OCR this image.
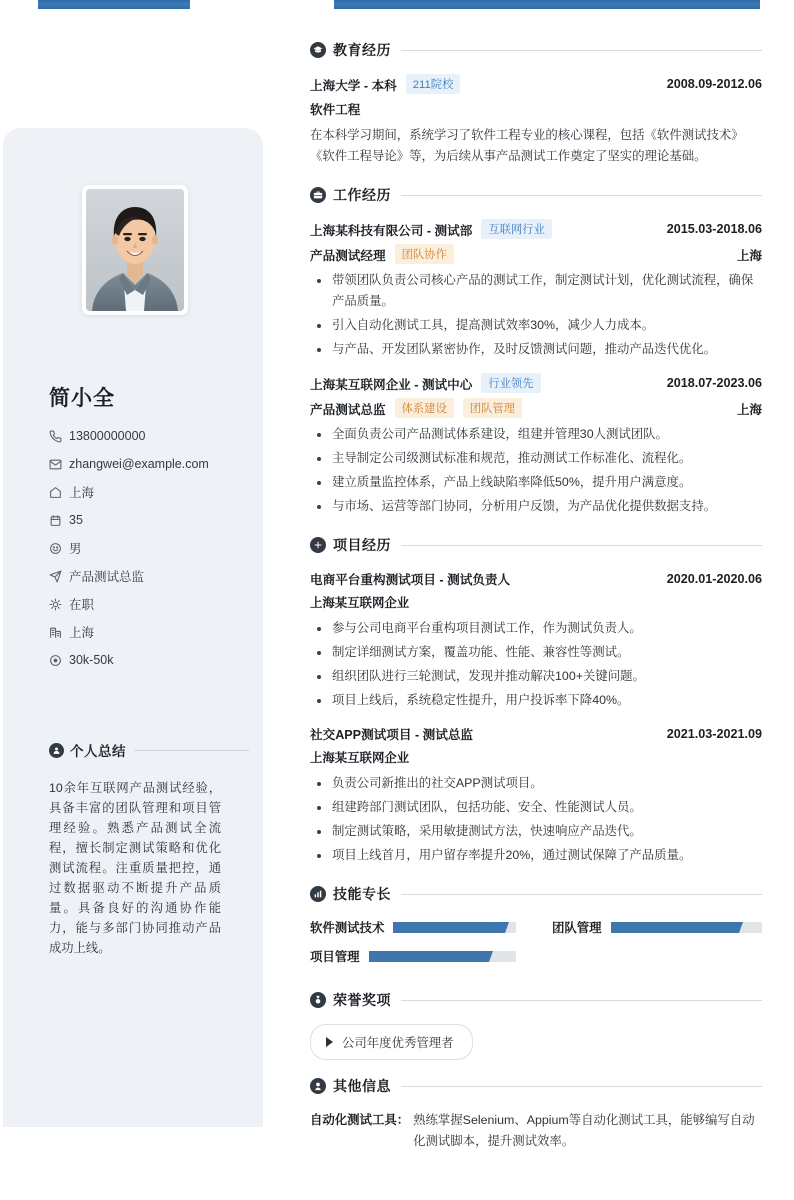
简小全
13800000000
zhangwei@example.com
上海
35
男
产品测试总监
在职
上海
30k-50k
个人总结
10余年互联网产品测试经验，具备丰富的团队管理和项目管理经验。熟悉产品测试全流程，擅长制定测试策略和优化测试流程。注重质量把控，通过数据驱动不断提升产品质量。具备良好的沟通协作能力，能与多部门协同推动产品成功上线。
教育经历
上海大学 - 本科	211院校	2008.09-2012.06
软件工程
在本科学习期间，系统学习了软件工程专业的核心课程，包括《软件测试技术》
《软件工程导论》等，为后续从事产品测试工作奠定了坚实的理论基础。
工作经历
上海某科技有限公司 - 测试部	互联网行业	2015.03-2018.06
产品测试经理	团队协作	上海
带领团队负责公司核心产品的测试工作，制定测试计划，优化测试流程，确保产品质量。
引入自动化测试工具，提高测试效率30%，减少人力成本。
与产品、开发团队紧密协作，及时反馈测试问题，推动产品迭代优化。
上海某互联网企业 - 测试中心	行业领先	2018.07-2023.06
产品测试总监	体系建设	团队管理	上海
全面负责公司产品测试体系建设，组建并管理30人测试团队。
主导制定公司级测试标准和规范，推动测试工作标准化、流程化。
建立质量监控体系，产品上线缺陷率降低50%，提升用户满意度。
与市场、运营等部门协同，分析用户反馈，为产品优化提供数据支持。
项目经历
电商平台重构测试项目 - 测试负责人	2020.01-2020.06
上海某互联网企业
参与公司电商平台重构项目测试工作，作为测试负责人。
制定详细测试方案，覆盖功能、性能、兼容性等测试。
组织团队进行三轮测试，发现并推动解决100+关键问题。
项目上线后，系统稳定性提升，用户投诉率下降40%。
社交APP测试项目 - 测试总监	2021.03-2021.09
上海某互联网企业
负责公司新推出的社交APP测试项目。
组建跨部门测试团队，包括功能、安全、性能测试人员。
制定测试策略，采用敏捷测试方法，快速响应产品迭代。
项目上线首月，用户留存率提升20%，通过测试保障了产品质量。
技能专长
软件测试技术	团队管理
项目管理
荣誉奖项
公司年度优秀管理者
其他信息
自动化测试工具： 熟练掌握Selenium、Appium等自动化测试工具，能够编写自动化测试脚本，提升测试效率。
